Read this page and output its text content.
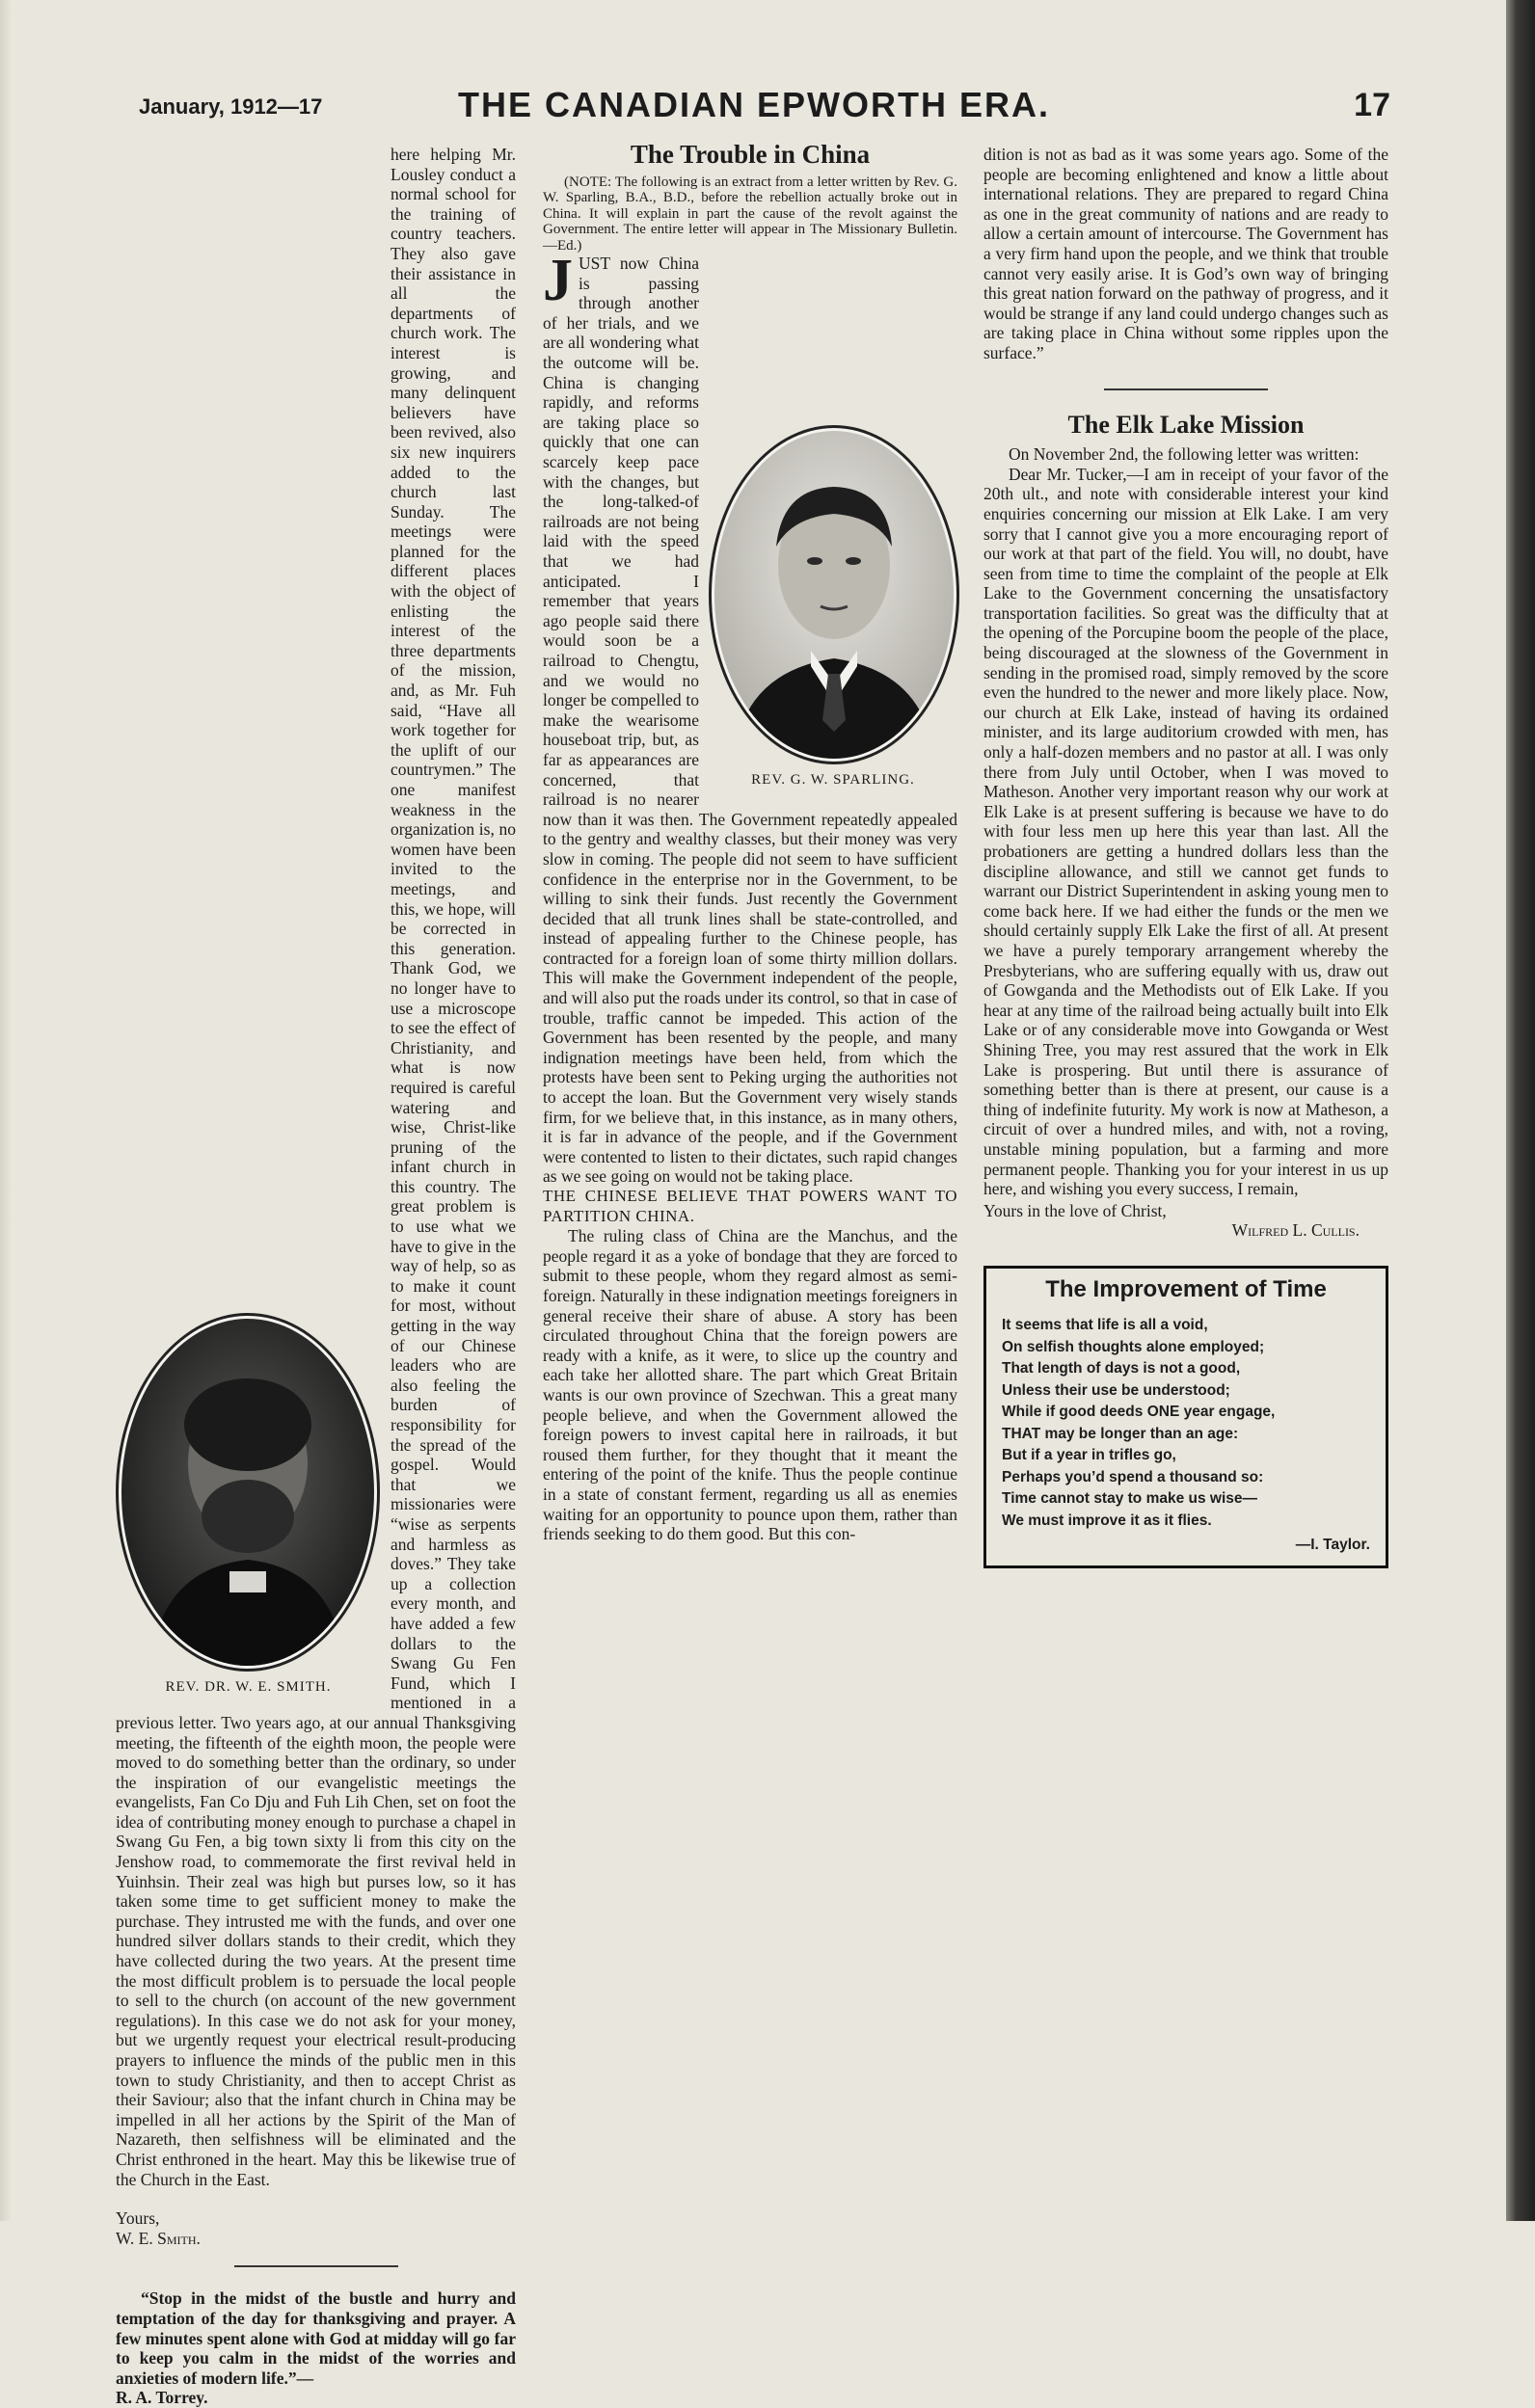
January, 1912—17	THE CANADIAN EPWORTH ERA.	17
REV. DR. W. E. SMITH.

here helping Mr. Lousley conduct a normal school for the training of country teachers. They also gave their assistance in all the departments of church work. The interest is growing, and many delinquent believers have been revived, also six new inquirers added to the church last Sunday. The meetings were planned for the different places with the object of enlisting the interest of the three departments of the mission, and, as Mr. Fuh said, “Have all work together for the uplift of our countrymen.” The one manifest weakness in the organization is, no women have been invited to the meetings, and this, we hope, will be corrected in this generation. Thank God, we no longer have to use a microscope to see the effect of Christianity, and what is now required is careful watering and wise, Christ-like pruning of the infant church in this country. The great problem is to use what we have to give in the way of help, so as to make it count for most, without getting in the way of our Chinese leaders who are also feeling the burden of responsibility for the spread of the gospel. Would that we missionaries were “wise as serpents and harmless as doves.” They take up a collection every month, and have added a few dollars to the Swang Gu Fen Fund, which I mentioned in a previous letter. Two years ago, at our annual Thanksgiving meeting, the fifteenth of the eighth moon, the people were moved to do something better than the ordinary, so under the inspiration of our evangelistic meetings the evangelists, Fan Co Dju and Fuh Lih Chen, set on foot the idea of contributing money enough to purchase a chapel in Swang Gu Fen, a big town sixty li from this city on the Jenshow road, to commemorate the first revival held in Yuinhsin. Their zeal was high but purses low, so it has taken some time to get sufficient money to make the purchase. They intrusted me with the funds, and over one hundred silver dollars stands to their credit, which they have collected during the two years. At the present time the most difficult problem is to persuade the local people to sell to the church (on account of the new government regulations). In this case we do not ask for your money, but we urgently request your electrical result-producing prayers to influence the minds of the public men in this town to study Christianity, and then to accept Christ as their Saviour; also that the infant church in China may be impelled in all her actions by the Spirit of the Man of Nazareth, then selfishness will be eliminated and the Christ enthroned in the heart. May this be likewise true of the Church in the East.

Yours,

W. E. Smith.

“Stop in the midst of the bustle and hurry and temptation of the day for thanksgiving and prayer. A few minutes spent alone with God at midday will go far to keep you calm in the midst of the worries and anxieties of modern life.”—

R. A. Torrey.

The Trouble in China

(NOTE: The following is an extract from a letter written by Rev. G. W. Sparling, B.A., B.D., before the rebellion actually broke out in China. It will explain in part the cause of the revolt against the Government. The entire letter will appear in The Missionary Bulletin.—Ed.)

REV. G. W. SPARLING.

JUST now China is passing through another of her trials, and we are all wondering what the outcome will be. China is changing rapidly, and reforms are taking place so quickly that one can scarcely keep pace with the changes, but the long-talked-of railroads are not being laid with the speed that we had anticipated. I remember that years ago people said there would soon be a railroad to Chengtu, and we would no longer be compelled to make the wearisome houseboat trip, but, as far as appearances are concerned, that railroad is no nearer now than it was then. The Government repeatedly appealed to the gentry and wealthy classes, but their money was very slow in coming. The people did not seem to have sufficient confidence in the enterprise nor in the Government, to be willing to sink their funds. Just recently the Government decided that all trunk lines shall be state-controlled, and instead of appealing further to the Chinese people, has contracted for a foreign loan of some thirty million dollars. This will make the Government independent of the people, and will also put the roads under its control, so that in case of trouble, traffic cannot be impeded. This action of the Government has been resented by the people, and many indignation meetings have been held, from which the protests have been sent to Peking urging the authorities not to accept the loan. But the Government very wisely stands firm, for we believe that, in this instance, as in many others, it is far in advance of the people, and if the Government were contented to listen to their dictates, such rapid changes as we see going on would not be taking place.

THE CHINESE BELIEVE THAT POWERS WANT TO PARTITION CHINA.

The ruling class of China are the Manchus, and the people regard it as a yoke of bondage that they are forced to submit to these people, whom they regard almost as semi-foreign. Naturally in these indignation meetings foreigners in general receive their share of abuse. A story has been circulated throughout China that the foreign powers are ready with a knife, as it were, to slice up the country and each take her allotted share. The part which Great Britain wants is our own province of Szechwan. This a great many people believe, and when the Government allowed the foreign powers to invest capital here in railroads, it but roused them further, for they thought that it meant the entering of the point of the knife. Thus the people continue in a state of constant ferment, regarding us all as enemies waiting for an opportunity to pounce upon them, rather than friends seeking to do them good. But this con-

dition is not as bad as it was some years ago. Some of the people are becoming enlightened and know a little about international relations. They are prepared to regard China as one in the great community of nations and are ready to allow a certain amount of intercourse. The Government has a very firm hand upon the people, and we think that trouble cannot very easily arise. It is God’s own way of bringing this great nation forward on the pathway of progress, and it would be strange if any land could undergo changes such as are taking place in China without some ripples upon the surface.”

The Elk Lake Mission

On November 2nd, the following letter was written:

Dear Mr. Tucker,—I am in receipt of your favor of the 20th ult., and note with considerable interest your kind enquiries concerning our mission at Elk Lake. I am very sorry that I cannot give you a more encouraging report of our work at that part of the field. You will, no doubt, have seen from time to time the complaint of the people at Elk Lake to the Government concerning the unsatisfactory transportation facilities. So great was the difficulty that at the opening of the Porcupine boom the people of the place, being discouraged at the slowness of the Government in sending in the promised road, simply removed by the score even the hundred to the newer and more likely place. Now, our church at Elk Lake, instead of having its ordained minister, and its large auditorium crowded with men, has only a half-dozen members and no pastor at all. I was only there from July until October, when I was moved to Matheson. Another very important reason why our work at Elk Lake is at present suffering is because we have to do with four less men up here this year than last. All the probationers are getting a hundred dollars less than the discipline allowance, and still we cannot get funds to warrant our District Superintendent in asking young men to come back here. If we had either the funds or the men we should certainly supply Elk Lake the first of all. At present we have a purely temporary arrangement whereby the Presbyterians, who are suffering equally with us, draw out of Gowganda and the Methodists out of Elk Lake. If you hear at any time of the railroad being actually built into Elk Lake or of any considerable move into Gowganda or West Shining Tree, you may rest assured that the work in Elk Lake is prospering. But until there is assurance of something better than is there at present, our cause is a thing of indefinite futurity. My work is now at Matheson, a circuit of over a hundred miles, and with, not a roving, unstable mining population, but a farming and more permanent people. Thanking you for your interest in us up here, and wishing you every success, I remain,

Yours in the love of Christ,

Wilfred L. Cullis.

The Improvement of Time

It seems that life is all a void,

On selfish thoughts alone employed;

That length of days is not a good,

Unless their use be understood;

While if good deeds ONE year engage,

THAT may be longer than an age:

But if a year in trifles go,

Perhaps you’d spend a thousand so:

Time cannot stay to make us wise—

We must improve it as it flies.

—I. Taylor.
